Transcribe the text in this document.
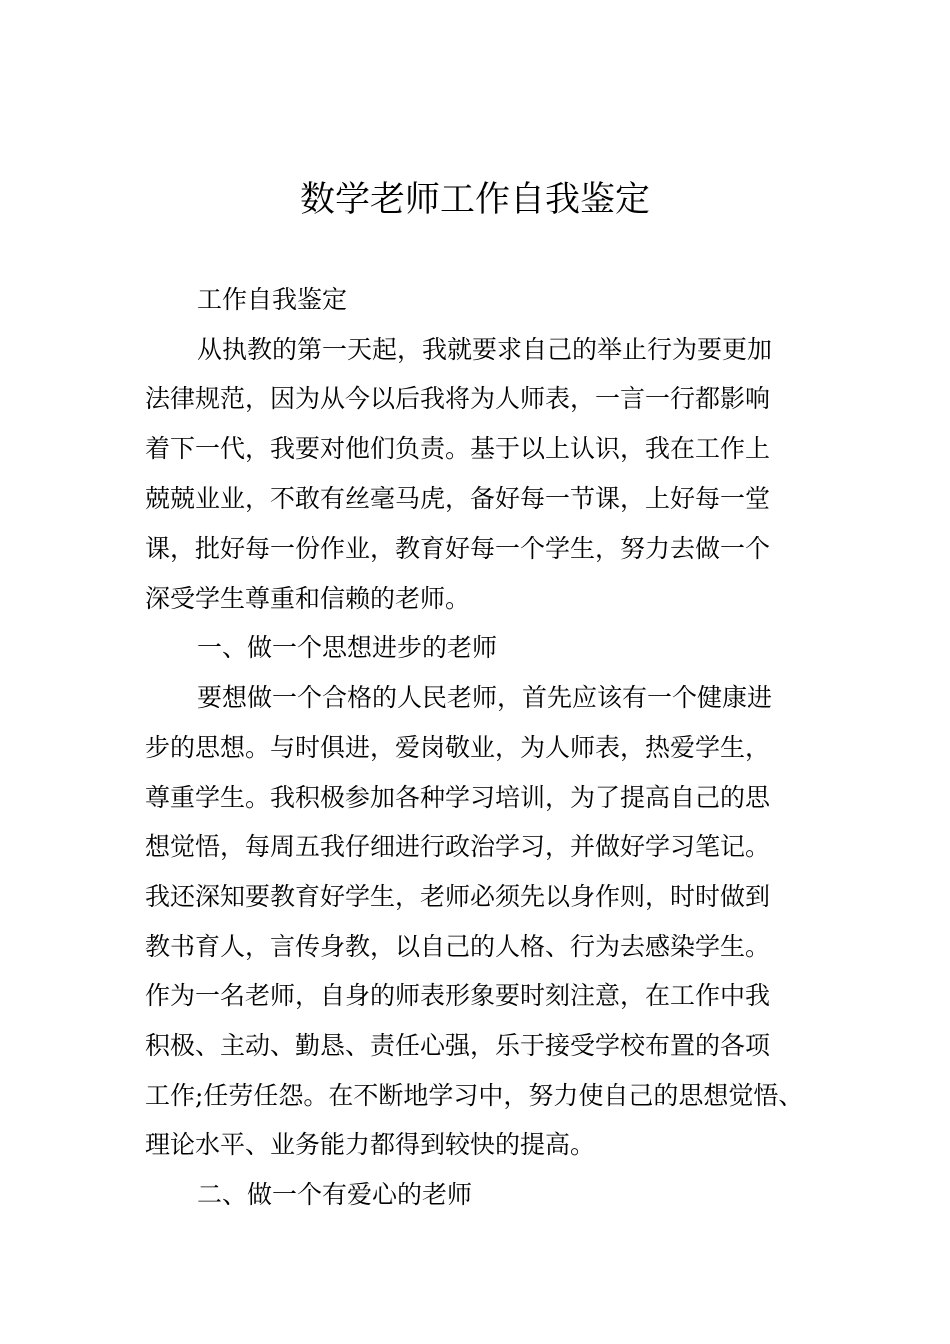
数学老师工作自我鉴定

工作自我鉴定

从执教的第一天起，我就要求自己的举止行为要更加

法律规范，因为从今以后我将为人师表，一言一行都影响

着下一代，我要对他们负责。基于以上认识，我在工作上

兢兢业业，不敢有丝毫马虎，备好每一节课，上好每一堂

课，批好每一份作业，教育好每一个学生，努力去做一个

深受学生尊重和信赖的老师。

一、做一个思想进步的老师

要想做一个合格的人民老师，首先应该有一个健康进

步的思想。与时俱进，爱岗敬业，为人师表，热爱学生，

尊重学生。我积极参加各种学习培训，为了提高自己的思

想觉悟，每周五我仔细进行政治学习，并做好学习笔记。

我还深知要教育好学生，老师必须先以身作则，时时做到

教书育人，言传身教，以自己的人格、行为去感染学生。

作为一名老师，自身的师表形象要时刻注意，在工作中我

积极、主动、勤恳、责任心强，乐于接受学校布置的各项

工作;任劳任怨。在不断地学习中，努力使自己的思想觉悟、

理论水平、业务能力都得到较快的提高。

二、做一个有爱心的老师
